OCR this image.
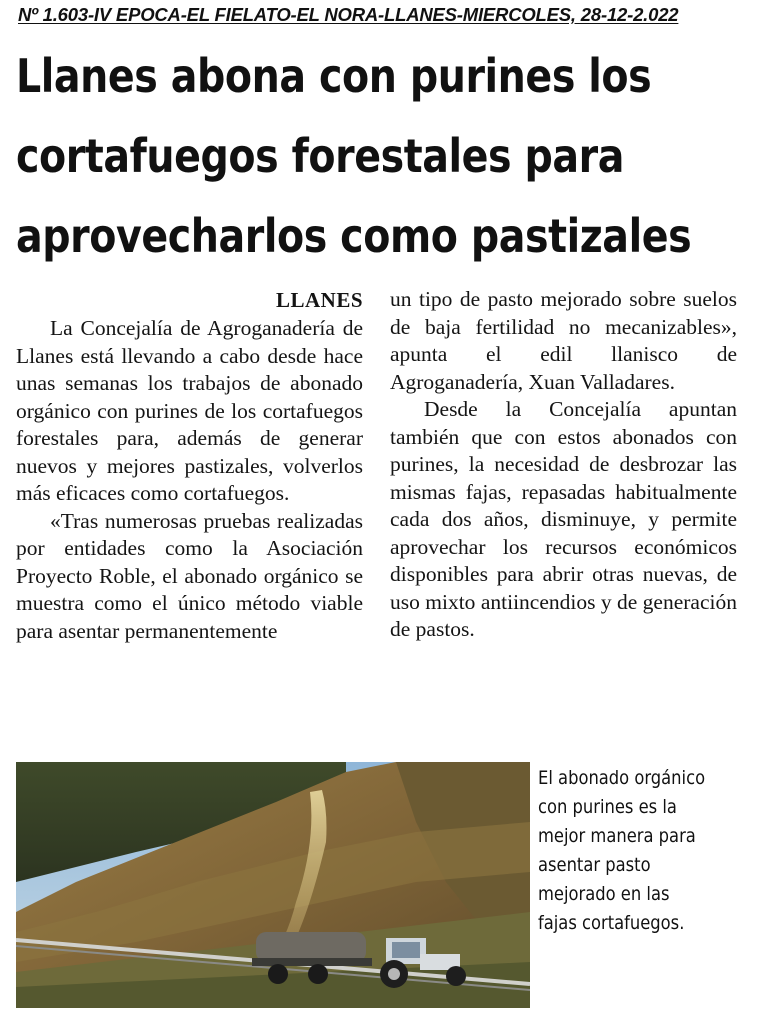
Nº 1.603-IV EPOCA-EL FIELATO-EL NORA-LLANES-MIERCOLES, 28-12-2.022
Llanes abona con purines los
cortafuegos forestales para
aprovecharlos como pastizales
LLANES

La Concejalía de Agroganadería de Llanes está llevando a cabo desde hace unas semanas los trabajos de abonado orgánico con purines de los cortafuegos forestales para, además de generar nuevos y mejores pastizales, volverlos más eficaces como cortafuegos.

«Tras numerosas pruebas realizadas por entidades como la Asociación Proyecto Roble, el abonado orgánico se muestra como el único método viable para asentar permanentemente

un tipo de pasto mejorado sobre suelos de baja fertilidad no mecanizables», apunta el edil llanisco de Agroganadería, Xuan Valladares.

Desde la Concejalía apuntan también que con estos abonados con purines, la necesidad de desbrozar las mismas fajas, repasadas habitualmente cada dos años, disminuye, y permite aprovechar los recursos económicos disponibles para abrir otras nuevas, de uso mixto antiincendios y de generación de pastos.

El abonado orgánico
con purines es la
mejor manera para
asentar pasto
mejorado en las
fajas cortafuegos.
